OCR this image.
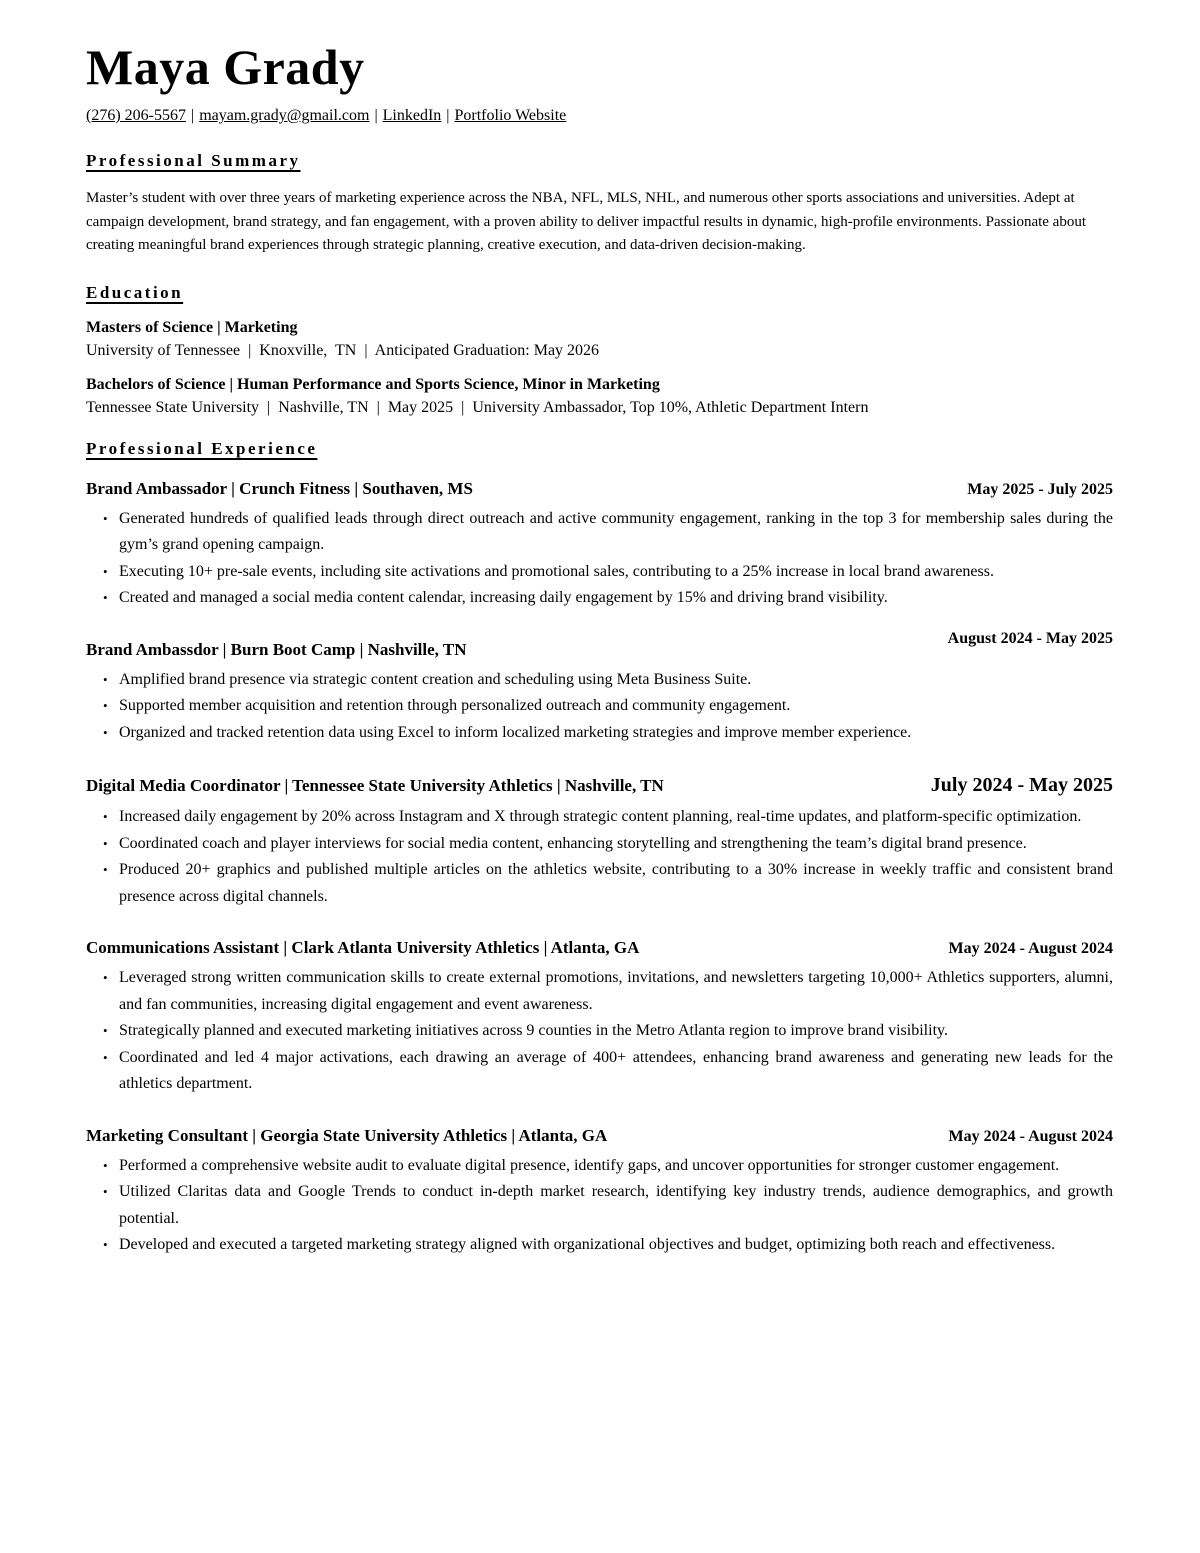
Maya Grady

(276) 206-5567 | mayam.grady@gmail.com | LinkedIn | Portfolio Website

Professional Summary

Master’s student with over three years of marketing experience across the NBA, NFL, MLS, NHL, and numerous other sports associations and universities. Adept at campaign development, brand strategy, and fan engagement, with a proven ability to deliver impactful results in dynamic, high-profile environments. Passionate about creating meaningful brand experiences through strategic planning, creative execution, and data-driven decision-making.

Education

Masters of Science | Marketing

University of Tennessee  |  Knoxville,  TN  |  Anticipated Graduation: May 2026

Bachelors of Science | Human Performance and Sports Science, Minor in Marketing

Tennessee State University  |  Nashville, TN  |  May 2025  |  University Ambassador, Top 10%, Athletic Department Intern

Professional Experience
Brand Ambassador | Crunch Fitness | Southaven, MS	May 2025 - July 2025
• Generated hundreds of qualified leads through direct outreach and active community engagement, ranking in the top 3 for membership sales during the gym’s grand opening campaign.
• Executing 10+ pre-sale events, including site activations and promotional sales, contributing to a 25% increase in local brand awareness.
• Created and managed a social media content calendar, increasing daily engagement by 15% and driving brand visibility.
Brand Ambassdor | Burn Boot Camp | Nashville, TN
August 2024 - May 2025
• Amplified brand presence via strategic content creation and scheduling using Meta Business Suite.
• Supported member acquisition and retention through personalized outreach and community engagement.
• Organized and tracked retention data using Excel to inform localized marketing strategies and improve member experience.
Digital Media Coordinator | Tennessee State University Athletics | Nashville, TN	July 2024 - May 2025
• Increased daily engagement by 20% across Instagram and X through strategic content planning, real-time updates, and platform-specific optimization.
• Coordinated coach and player interviews for social media content, enhancing storytelling and strengthening the team’s digital brand presence.
• Produced 20+ graphics and published multiple articles on the athletics website, contributing to a 30% increase in weekly traffic and consistent brand presence across digital channels.
Communications Assistant | Clark Atlanta University Athletics | Atlanta, GA	May 2024 - August 2024
• Leveraged strong written communication skills to create external promotions, invitations, and newsletters targeting 10,000+ Athletics supporters, alumni, and fan communities, increasing digital engagement and event awareness.
• Strategically planned and executed marketing initiatives across 9 counties in the Metro Atlanta region to improve brand visibility.
• Coordinated and led 4 major activations, each drawing an average of 400+ attendees, enhancing brand awareness and generating new leads for the athletics department.
Marketing Consultant | Georgia State University Athletics | Atlanta, GA	May 2024 - August 2024
• Performed a comprehensive website audit to evaluate digital presence, identify gaps, and uncover opportunities for stronger customer engagement.
• Utilized Claritas data and Google Trends to conduct in-depth market research, identifying key industry trends, audience demographics, and growth potential.
• Developed and executed a targeted marketing strategy aligned with organizational objectives and budget, optimizing both reach and effectiveness.
